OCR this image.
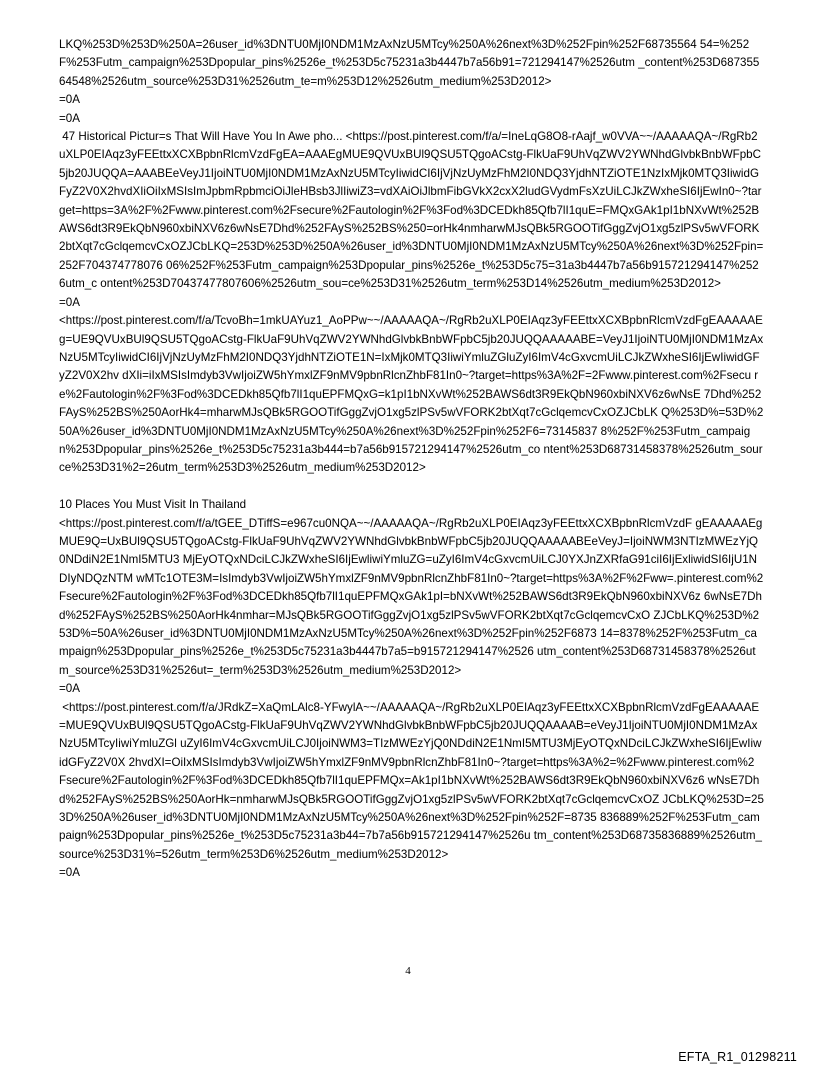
LKQ%253D%253D%250A=26user_id%3DNTU0MjI0NDM1MzAxNzU5MTcy%250A%26next%3D%252Fpin%252F68735564 54=%252F%253Futm_campaign%253Dpopular_pins%2526e_t%253D5c75231a3b4447b7a56b91=721294147%2526utm _content%253D68735564548%2526utm_source%253D31%2526utm_te=m%253D12%2526utm_medium%253D2012>

=0A

=0A

47 Historical Pictur=s That Will Have You In Awe pho... <https://post.pinterest.com/f/a/=IneLqG8O8-rAajf_w0VVA~~/AAAAAQA~/RgRb2uXLP0EIAqz3yFEEttxXCXBpbnRlcmVzdFgEA=AAAEgMUE9QVUxBUl9QSU5TQgoACstg-FlkUaF9UhVqZWV2YWNhdGlvbkBnbWFpbC5jb20JUQQA=AAABEeVeyJ1IjoiNTU0MjI0NDM1MzAxNzU5MTcyIiwidCI6IjVjNzUyMzFhM2I0NDQ3YjdhNTZiOTE1NzIxMjk0MTQ3IiwidGFyZ2V0X2hvdXIiOiIxMSIsImJpbmRpbmciOiJleHBsb3JlIiwiZ3=vdXAiOiJlbmFibGVkX2cxX2ludGVydmFsXzUiLCJkZWxheSI6IjEwIn0~?target=https=3A%2F%2Fwww.pinterest.com%2Fsecure%2Fautologin%2F%3Fod%3DCEDkh85Qfb7lI1quE=FMQxGAk1pI1bNXvWt%252BAWS6dt3R9EkQbN960xbiNXV6z6wNsE7Dhd%252FAyS%252BS%250=orHk4nmharwMJsQBk5RGOOTifGggZvjO1xg5zlPSv5wVFORK2btXqt7cGclqemcvCxOZJCbLKQ=253D%253D%250A%26user_id%3DNTU0MjI0NDM1MzAxNzU5MTcy%250A%26next%3D%252Fpin=252F704374778076 06%252F%253Futm_campaign%253Dpopular_pins%2526e_t%253D5c75=31a3b4447b7a56b915721294147%2526utm_c ontent%253D70437477807606%2526utm_sou=ce%253D31%2526utm_term%253D14%2526utm_medium%253D2012>

=0A

<https://post.pinterest.com/f/a/TcvoBh=1mkUAYuz1_AoPPw~~/AAAAAQA~/RgRb2uXLP0EIAqz3yFEEttxXCXBpbnRlcmVzdFgEAAAAAEg=UE9QVUxBUl9QSU5TQgoACstg-FlkUaF9UhVqZWV2YWNhdGlvbkBnbWFpbC5jb20JUQQAAAAABE=VeyJ1IjoiNTU0MjI0NDM1MzAxNzU5MTcyIiwidCI6IjVjNzUyMzFhM2I0NDQ3YjdhNTZiOTE1N=IxMjk0MTQ3IiwiYmluZGluZyI6ImV4cGxvcmUiLCJkZWxheSI6IjEwIiwidGFyZ2V0X2hv dXIi=iIxMSIsImdyb3VwIjoiZW5hYmxlZF9nMV9pbnRlcnZhbF81In0~?target=https%3A%2F=2Fwww.pinterest.com%2Fsecu re%2Fautologin%2F%3Fod%3DCEDkh85Qfb7lI1quEPFMQxG=k1pI1bNXvWt%252BAWS6dt3R9EkQbN960xbiNXV6z6wNsE 7Dhd%252FAyS%252BS%250AorHk4=mharwMJsQBk5RGOOTifGggZvjO1xg5zlPSv5wVFORK2btXqt7cGclqemcvCxOZJCbLK Q%253D%=53D%250A%26user_id%3DNTU0MjI0NDM1MzAxNzU5MTcy%250A%26next%3D%252Fpin%252F6=73145837 8%252F%253Futm_campaign%253Dpopular_pins%2526e_t%253D5c75231a3b444=b7a56b915721294147%2526utm_co ntent%253D68731458378%2526utm_source%253D31%2=26utm_term%253D3%2526utm_medium%253D2012>

10 Places You Must Visit In Thailand

<https://post.pinterest.com/f/a/tGEE_DTiffS=e967cu0NQA~~/AAAAAQA~/RgRb2uXLP0EIAqz3yFEEttxXCXBpbnRlcmVzdF gEAAAAAEgMUE9Q=UxBUl9QSU5TQgoACstg-FlkUaF9UhVqZWV2YWNhdGlvbkBnbWFpbC5jb20JUQQAAAAABEeVeyJ=IjoiNWM3NTIzMWEzYjQ0NDdiN2E1NmI5MTU3 MjEyOTQxNDciLCJkZWxheSI6IjEwliwiYmluZG=uZyI6ImV4cGxvcmUiLCJ0YXJnZXRfaG91ciI6IjExliwidSI6IjU1NDIyNDQzNTM wMTc1OTE3M=IsImdyb3VwIjoiZW5hYmxlZF9nMV9pbnRlcnZhbF81In0~?target=https%3A%2F%2Fww=.pinterest.com%2 Fsecure%2Fautologin%2F%3Fod%3DCEDkh85Qfb7lI1quEPFMQxGAk1pI=bNXvWt%252BAWS6dt3R9EkQbN960xbiNXV6z 6wNsE7Dhd%252FAyS%252BS%250AorHk4nmhar=MJsQBk5RGOOTifGggZvjO1xg5zlPSv5wVFORK2btXqt7cGclqemcvCxO ZJCbLKQ%253D%253D%=50A%26user_id%3DNTU0MjI0NDM1MzAxNzU5MTcy%250A%26next%3D%252Fpin%252F6873 14=8378%252F%253Futm_campaign%253Dpopular_pins%2526e_t%253D5c75231a3b4447b7a5=b915721294147%2526 utm_content%253D68731458378%2526utm_source%253D31%2526ut=_term%253D3%2526utm_medium%253D2012>

=0A

<https://post.pinterest.com/f/a/JRdkZ=XaQmLAlc8-YFwylA~~/AAAAAQA~/RgRb2uXLP0EIAqz3yFEEttxXCXBpbnRlcmVzdFgEAAAAAE=MUE9QVUxBUl9QSU5TQgoACstg-FlkUaF9UhVqZWV2YWNhdGlvbkBnbWFpbC5jb20JUQQAAAAB=eVeyJ1IjoiNTU0MjI0NDM1MzAxNzU5MTcyIiwiYmluZGl uZyI6ImV4cGxvcmUiLCJ0IjoiNWM3=TIzMWEzYjQ0NDdiN2E1NmI5MTU3MjEyOTQxNDciLCJkZWxheSI6IjEwIiwidGFyZ2V0X 2hvdXI=OiIxMSIsImdyb3VwIjoiZW5hYmxlZF9nMV9pbnRlcnZhbF81In0~?target=https%3A%2=%2Fwww.pinterest.com%2 Fsecure%2Fautologin%2F%3Fod%3DCEDkh85Qfb7lI1quEPFMQx=Ak1pI1bNXvWt%252BAWS6dt3R9EkQbN960xbiNXV6z6 wNsE7Dhd%252FAyS%252BS%250AorHk=nmharwMJsQBk5RGOOTifGggZvjO1xg5zlPSv5wVFORK2btXqt7cGclqemcvCxOZ JCbLKQ%253D=253D%250A%26user_id%3DNTU0MjI0NDM1MzAxNzU5MTcy%250A%26next%3D%252Fpin%252F=8735 836889%252F%253Futm_campaign%253Dpopular_pins%2526e_t%253D5c75231a3b44=7b7a56b915721294147%2526u tm_content%253D68735836889%2526utm_source%253D31%=526utm_term%253D6%2526utm_medium%253D2012>

=0A

4
EFTA_R1_01298211
